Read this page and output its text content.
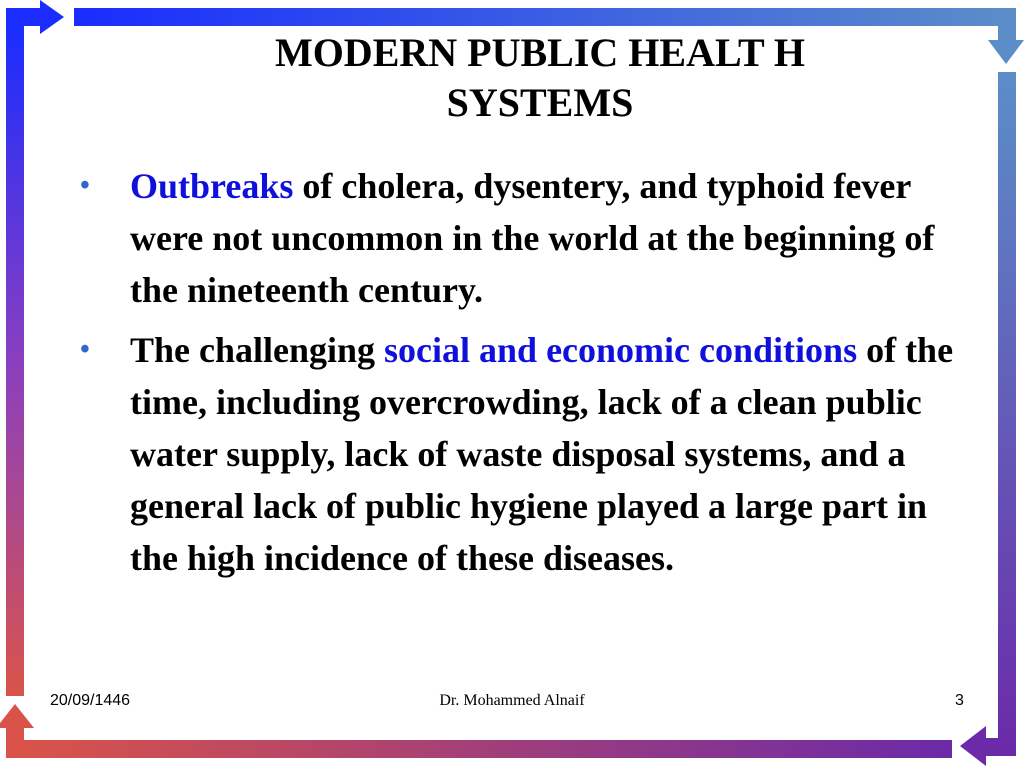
MODERN PUBLIC HEALT H
SYSTEMS
• Outbreaks of cholera, dysentery, and typhoid fever were not uncommon in the world at the beginning of the nineteenth century.
• The challenging social and economic conditions of the time, including overcrowding, lack of a clean public water supply, lack of waste disposal systems, and a general lack of public hygiene played a large part in the high incidence of these diseases.
20/09/1446	Dr. Mohammed Alnaif	3
